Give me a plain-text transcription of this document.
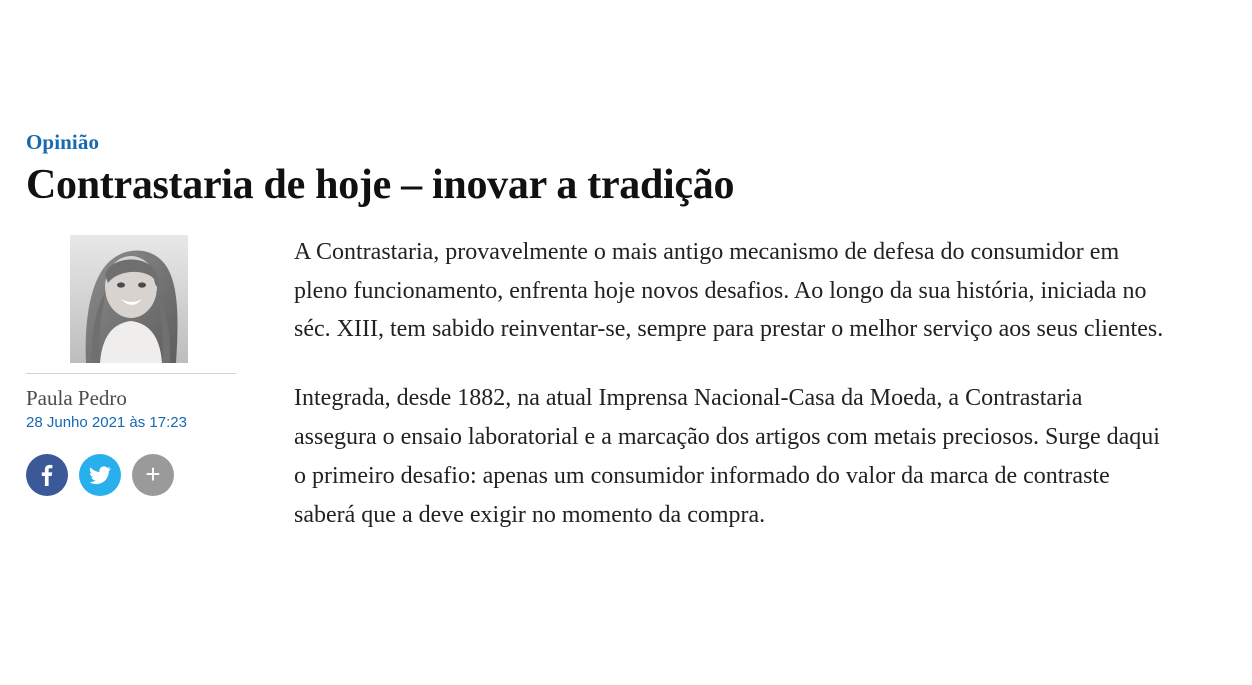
Opinião
Contrastaria de hoje – inovar a tradição
Paula Pedro
28 Junho 2021 às 17:23
+

A Contrastaria, provavelmente o mais antigo mecanismo de defesa do consumidor em pleno funcionamento, enfrenta hoje novos desafios. Ao longo da sua história, iniciada no séc. XIII, tem sabido reinventar-se, sempre para prestar o melhor serviço aos seus clientes.

Integrada, desde 1882, na atual Imprensa Nacional-Casa da Moeda, a Contrastaria assegura o ensaio laboratorial e a marcação dos artigos com metais preciosos. Surge daqui o primeiro desafio: apenas um consumidor informado do valor da marca de contraste saberá que a deve exigir no momento da compra.
